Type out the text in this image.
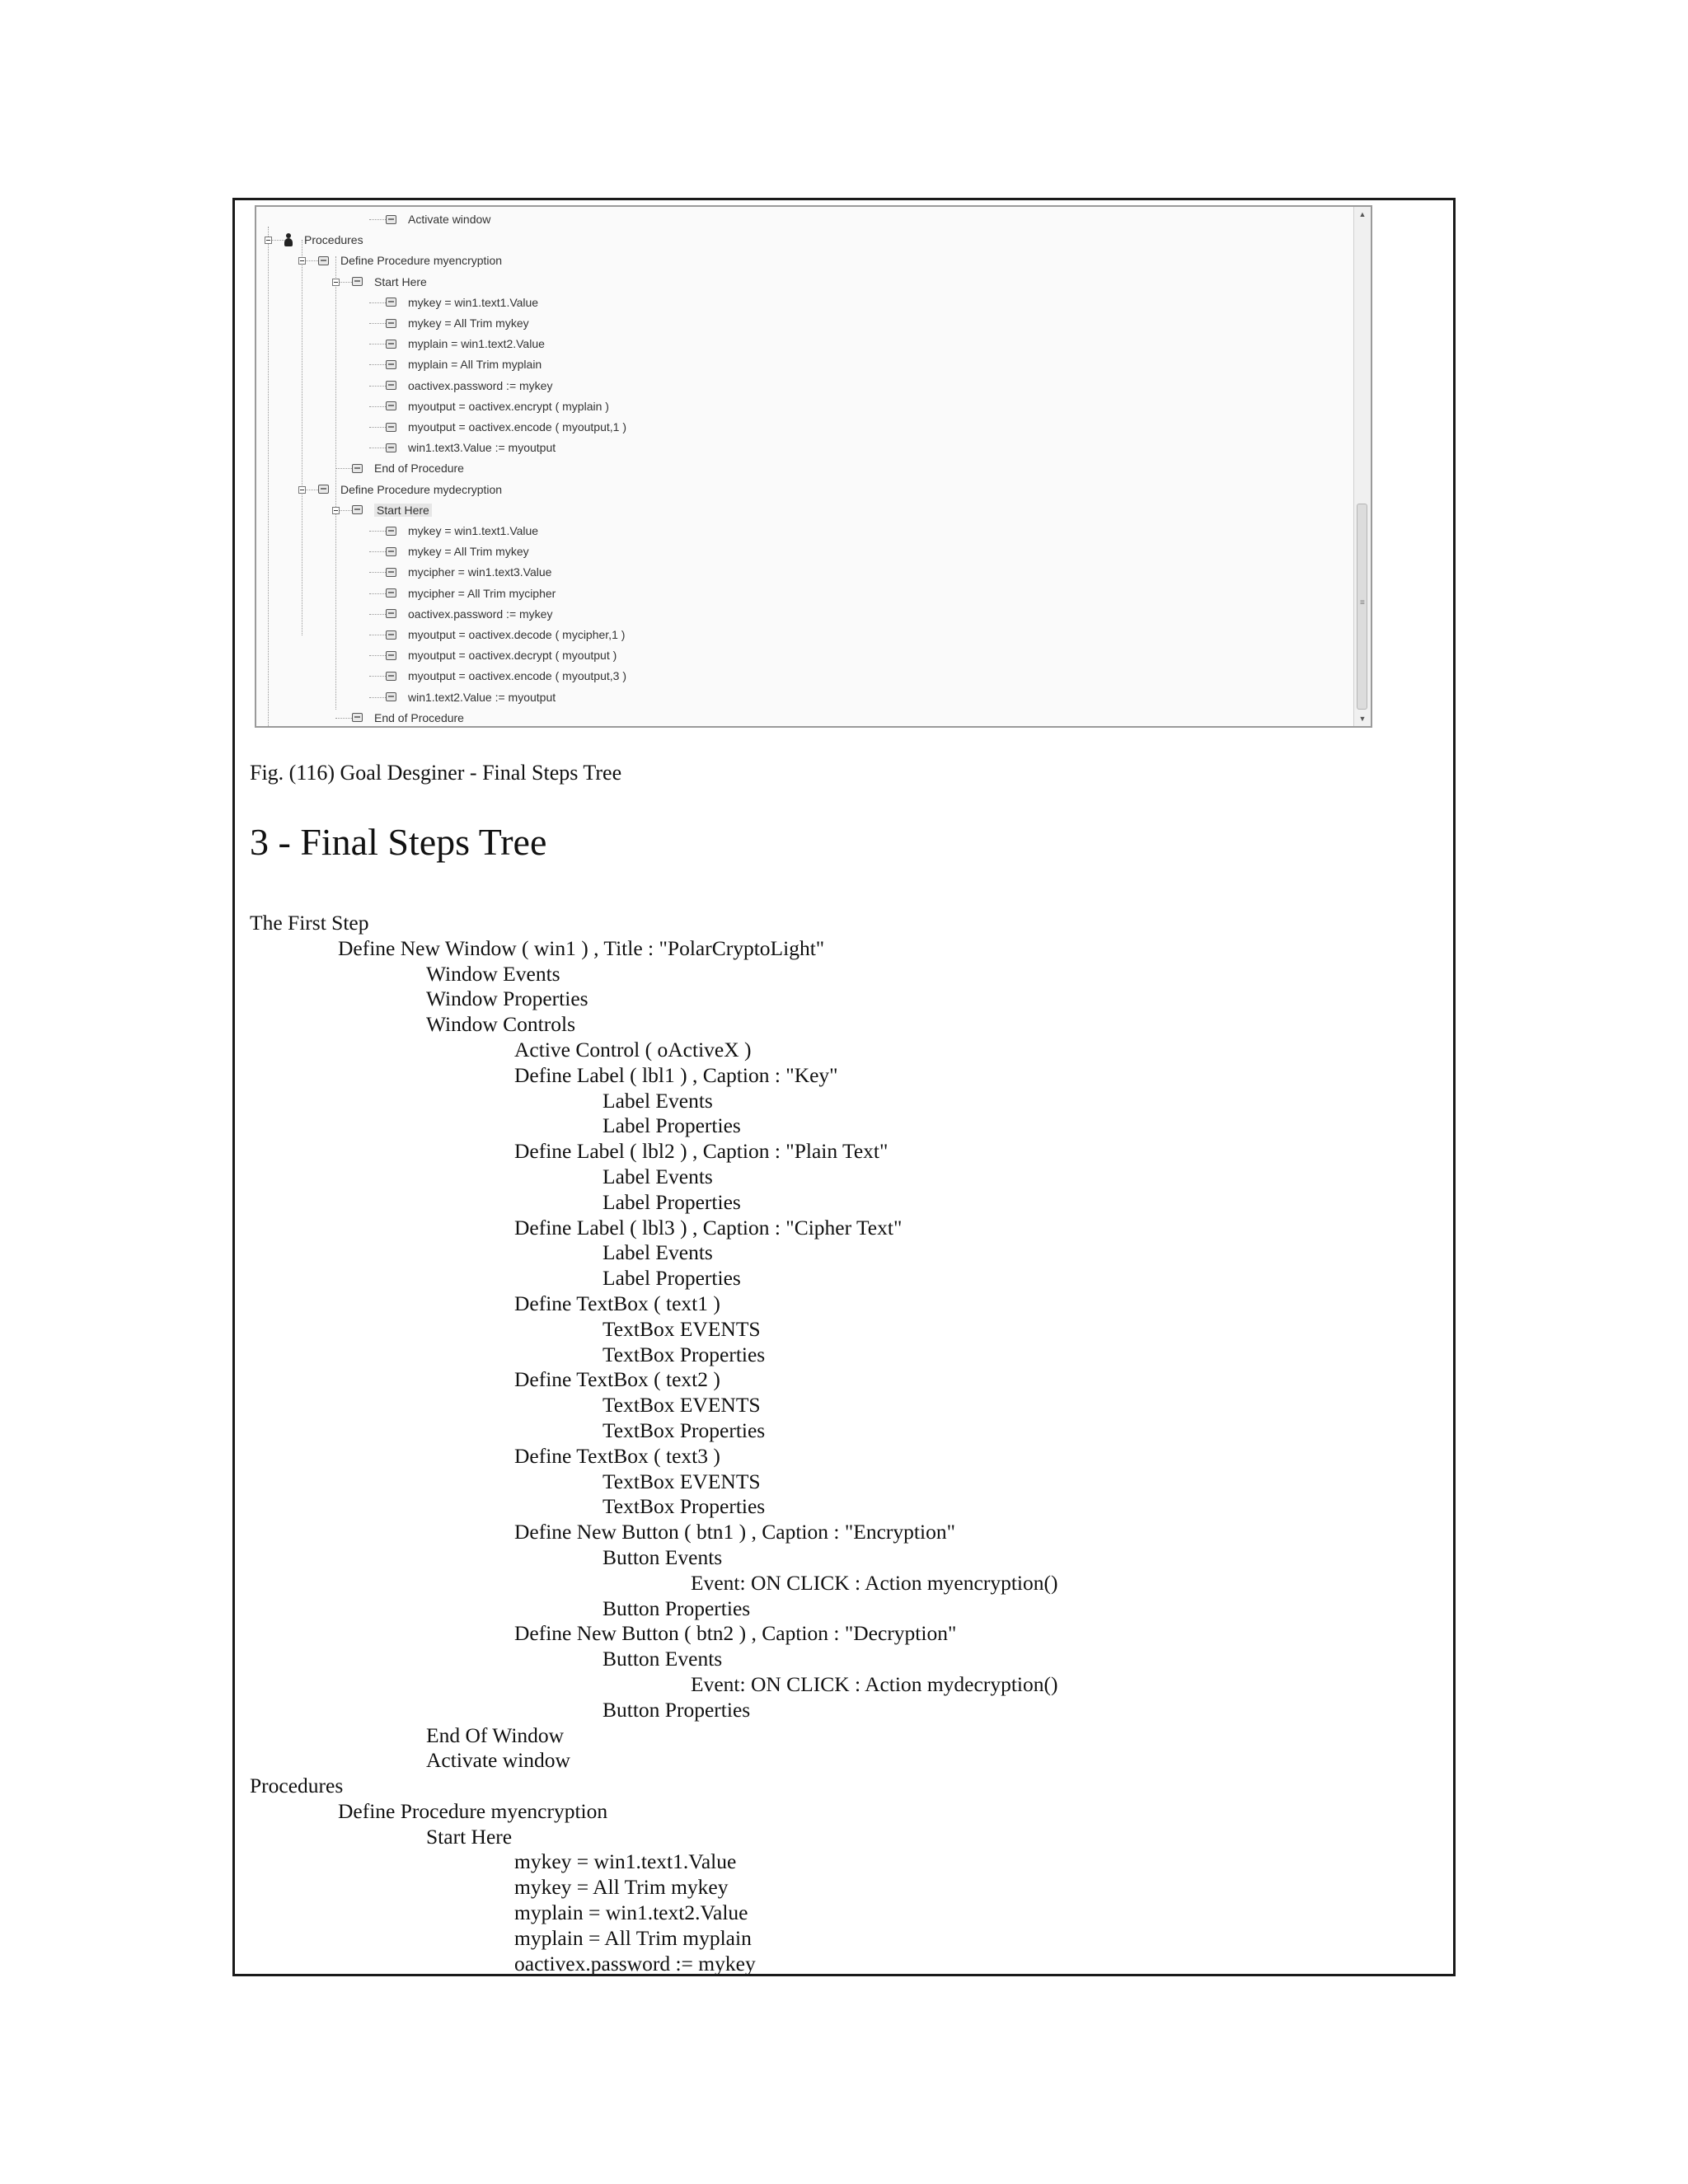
Activate window
Procedures
Define Procedure myencryption
Start Here
mykey = win1.text1.Value
mykey = All Trim mykey
myplain = win1.text2.Value
myplain = All Trim myplain
oactivex.password := mykey
myoutput = oactivex.encrypt ( myplain )
myoutput = oactivex.encode ( myoutput,1 )
win1.text3.Value := myoutput
End of Procedure
Define Procedure mydecryption
Start Here
mykey = win1.text1.Value
mykey = All Trim mykey
mycipher = win1.text3.Value
mycipher = All Trim mycipher
oactivex.password := mykey
myoutput = oactivex.decode ( mycipher,1 )
myoutput = oactivex.decrypt ( myoutput )
myoutput = oactivex.encode ( myoutput,3 )
win1.text2.Value := myoutput
End of Procedure
▲
≡
▼
Fig. (116) Goal Desginer - Final Steps Tree
3 - Final Steps Tree
The First Step
Define New Window ( win1 ) , Title : "PolarCryptoLight"
Window Events
Window Properties
Window Controls
Active Control ( oActiveX )
Define Label ( lbl1 ) , Caption : "Key"
Label Events
Label Properties
Define Label ( lbl2 ) , Caption : "Plain Text"
Label Events
Label Properties
Define Label ( lbl3 ) , Caption : "Cipher Text"
Label Events
Label Properties
Define TextBox ( text1 )
TextBox EVENTS
TextBox Properties
Define TextBox ( text2 )
TextBox EVENTS
TextBox Properties
Define TextBox ( text3 )
TextBox EVENTS
TextBox Properties
Define New Button ( btn1 ) , Caption : "Encryption"
Button Events
Event: ON CLICK : Action myencryption()
Button Properties
Define New Button ( btn2 ) , Caption : "Decryption"
Button Events
Event: ON CLICK : Action mydecryption()
Button Properties
End Of Window
Activate window
Procedures
Define Procedure myencryption
Start Here
mykey = win1.text1.Value
mykey = All Trim mykey
myplain = win1.text2.Value
myplain = All Trim myplain
oactivex.password := mykey
